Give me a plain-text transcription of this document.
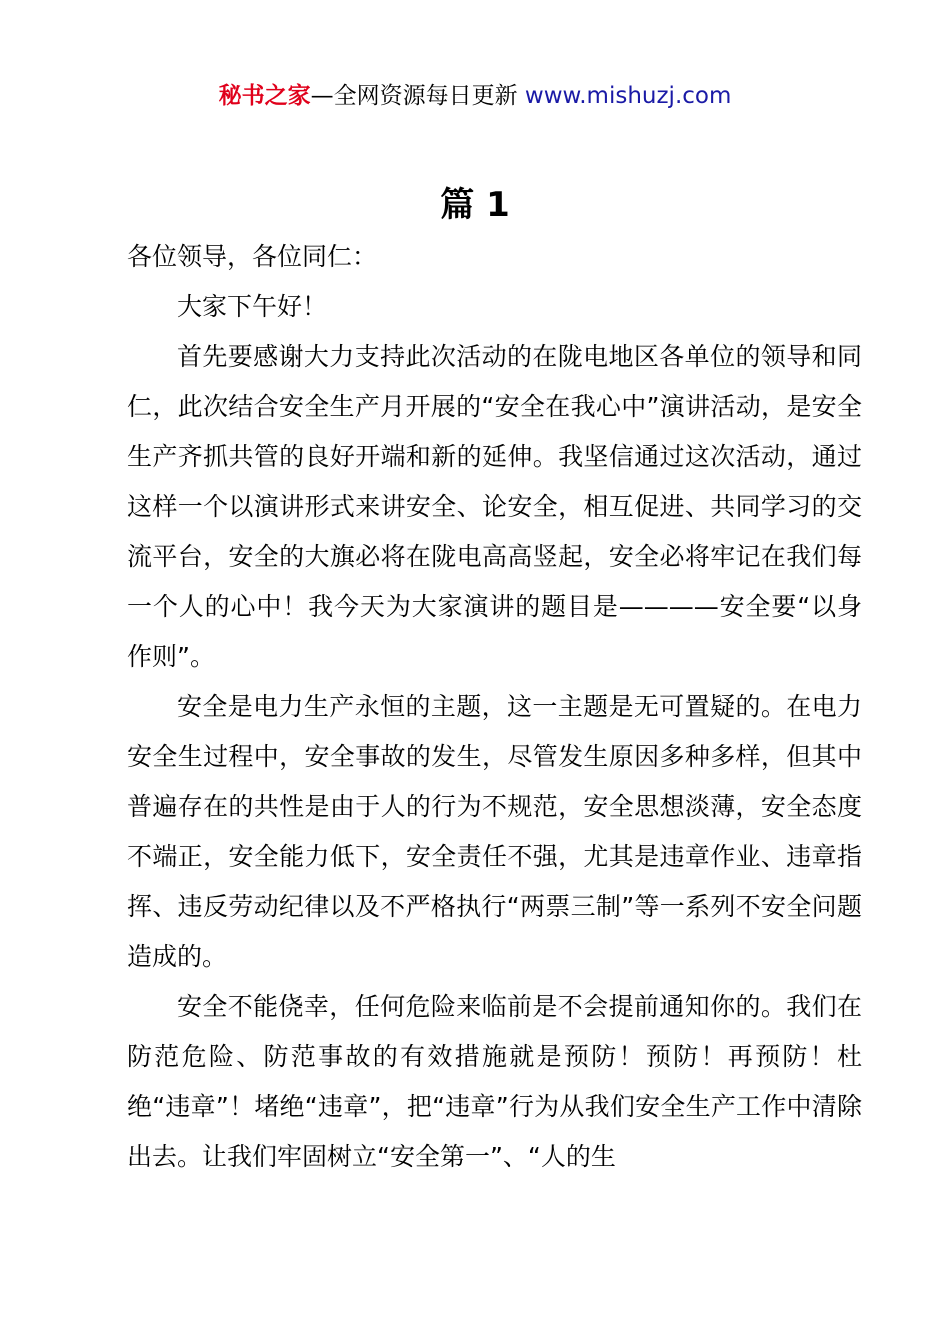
秘书之家—全网资源每日更新 www.mishuzj.com
篇 1

各位领导，各位同仁：

大家下午好！

首先要感谢大力支持此次活动的在陇电地区各单位的领导和同仁，此次结合安全生产月开展的“安全在我心中”演讲活动，是安全生产齐抓共管的良好开端和新的延伸。我坚信通过这次活动，通过这样一个以演讲形式来讲安全、论安全，相互促进、共同学习的交流平台，安全的大旗必将在陇电高高竖起，安全必将牢记在我们每一个人的心中！我今天为大家演讲的题目是————安全要“以身作则”。

安全是电力生产永恒的主题，这一主题是无可置疑的。在电力安全生过程中，安全事故的发生，尽管发生原因多种多样，但其中普遍存在的共性是由于人的行为不规范，安全思想淡薄，安全态度不端正，安全能力低下，安全责任不强，尤其是违章作业、违章指挥、违反劳动纪律以及不严格执行“两票三制”等一系列不安全问题造成的。

安全不能侥幸，任何危险来临前是不会提前通知你的。我们在防范危险、防范事故的有效措施就是预防！预防！再预防！杜绝“违章”！堵绝“违章”，把“违章”行为从我们安全生产工作中清除出去。让我们牢固树立“安全第一”、“人的生
